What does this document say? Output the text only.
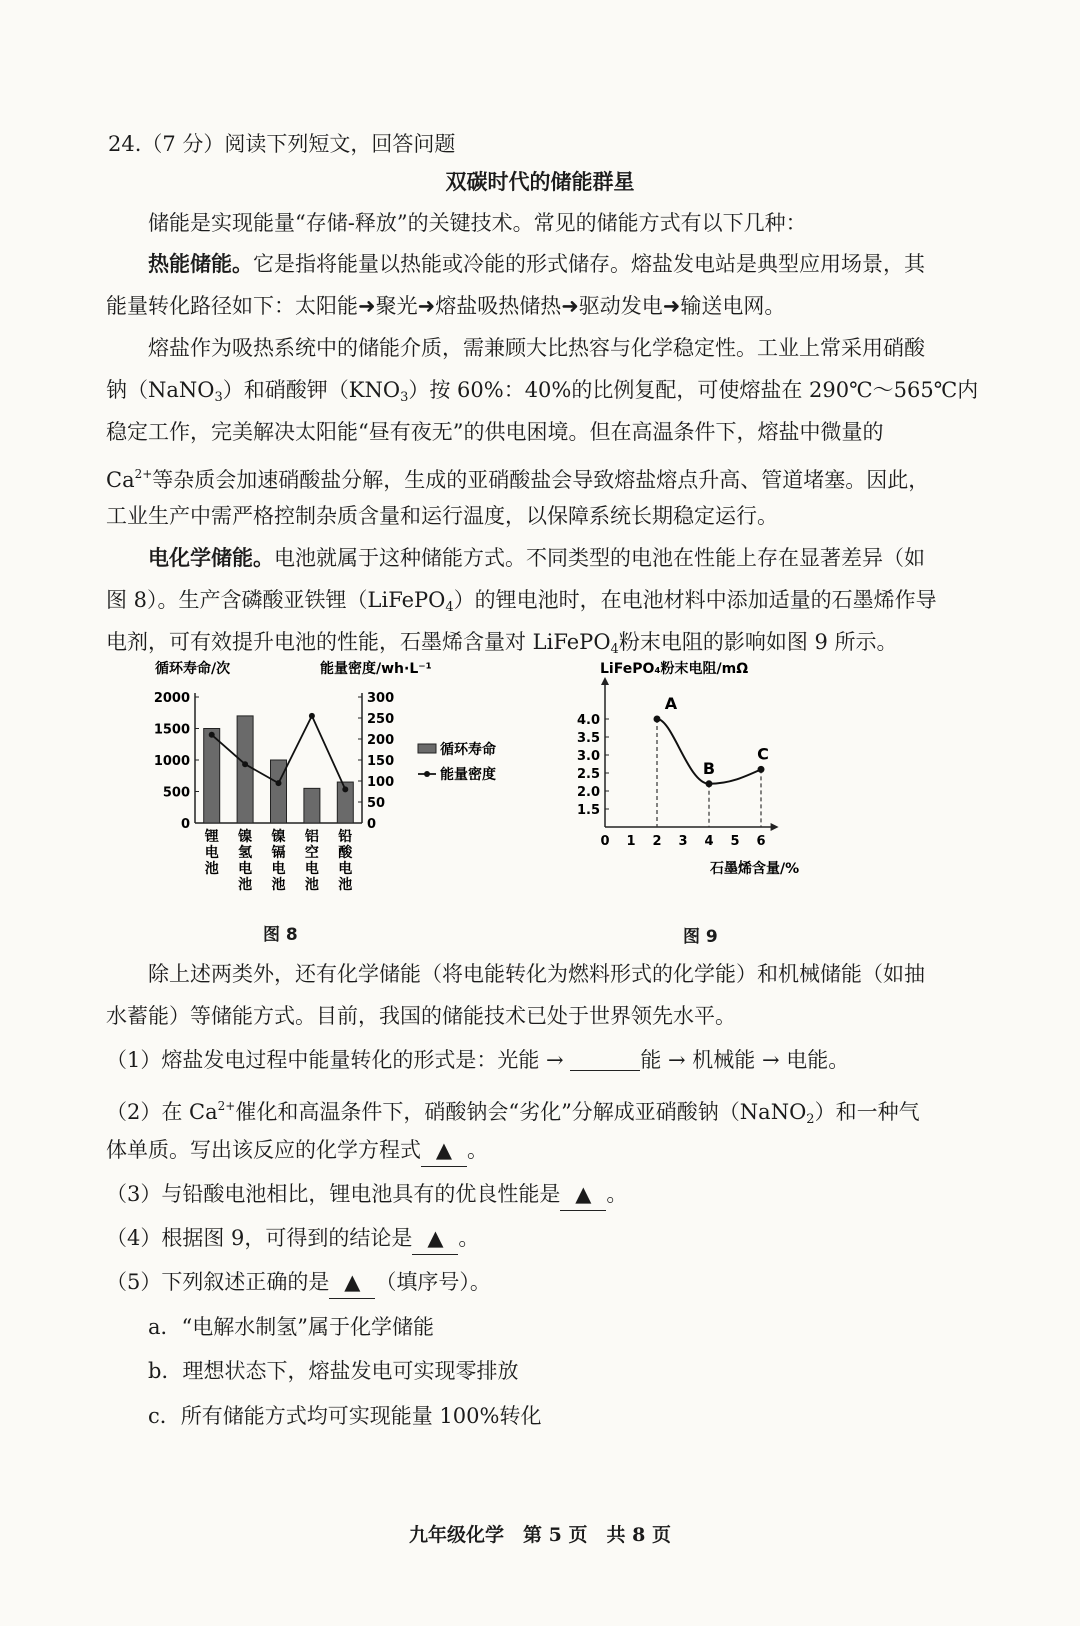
24.（7 分）阅读下列短文，回答问题
双碳时代的储能群星
储能是实现能量“存储-释放”的关键技术。常见的储能方式有以下几种：
热能储能。它是指将能量以热能或冷能的形式储存。熔盐发电站是典型应用场景，其
能量转化路径如下：太阳能➜聚光➜熔盐吸热储热➜驱动发电➜输送电网。
熔盐作为吸热系统中的储能介质，需兼顾大比热容与化学稳定性。工业上常采用硝酸
钠（NaNO$_3$）和硝酸钾$(KNO_3)$按 60%：40%的比例复配，可使熔盐在 290℃～565℃内
稳定工作，完美解决太阳能“昼有夜无”的供电困境。但在高温条件下，熔盐中微量的
$Ca^{2+}$等杂质会加速硝酸盐分解，生成的亚硝酸盐会导致熔盐熔点升高、管道堵塞。因此，
工业生产中需严格控制杂质含量和运行温度，以保障系统长期稳定运行。
电化学储能。电池就属于这种储能方式。不同类型的电池在性能上存在显著差异（如
图 8）。生产含磷酸亚铁锂（LiFePO$_4$）的锂电池时，在电池材料中添加适量的石墨烯作导
电剂，可有效提升电池的性能，石墨烯含量对 LiFePO$_4$粉末电阻的影响如图 9 所示。
循环寿命/次	能量密度/wh·L⁻¹
2000
1500
1000
500
0
300
250
200
150
100
50
0
锂
电
池
镍
氢
电
池
镍
镉
电
池
铝
空
电
池
铅
酸
电
池
循环寿命
能量密度
图 8
LiFePO₄粉末电阻/mΩ
4.0
3.5
3.0
2.5
2.0
1.5
0 1 2 3 4 5 6
石墨烯含量/%
A
B
C
图 9
除上述两类外，还有化学储能（将电能转化为燃料形式的化学能）和机械储能（如抽
水蓄能）等储能方式。目前，我国的储能技术已处于世界领先水平。
（1）熔盐发电过程中能量转化的形式是：光能 →	能 → 机械能 → 电能。
（2）在 $Ca^{2+}$催化和高温条件下，硝酸钠会“劣化”分解成亚硝酸钠（NaNO$_2$）和一种气
体单质。写出该反应的化学方程式 ▲ 。
（3）与铅酸电池相比，锂电池具有的优良性能是 ▲ 。
（4）根据图 9，可得到的结论是 ▲ 。
（5）下列叙述正确的是 ▲ （填序号）。
a．“电解水制氢”属于化学储能
b．理想状态下，熔盐发电可实现零排放
c．所有储能方式均可实现能量 100%转化
九年级化学　第 5 页　共 8 页
